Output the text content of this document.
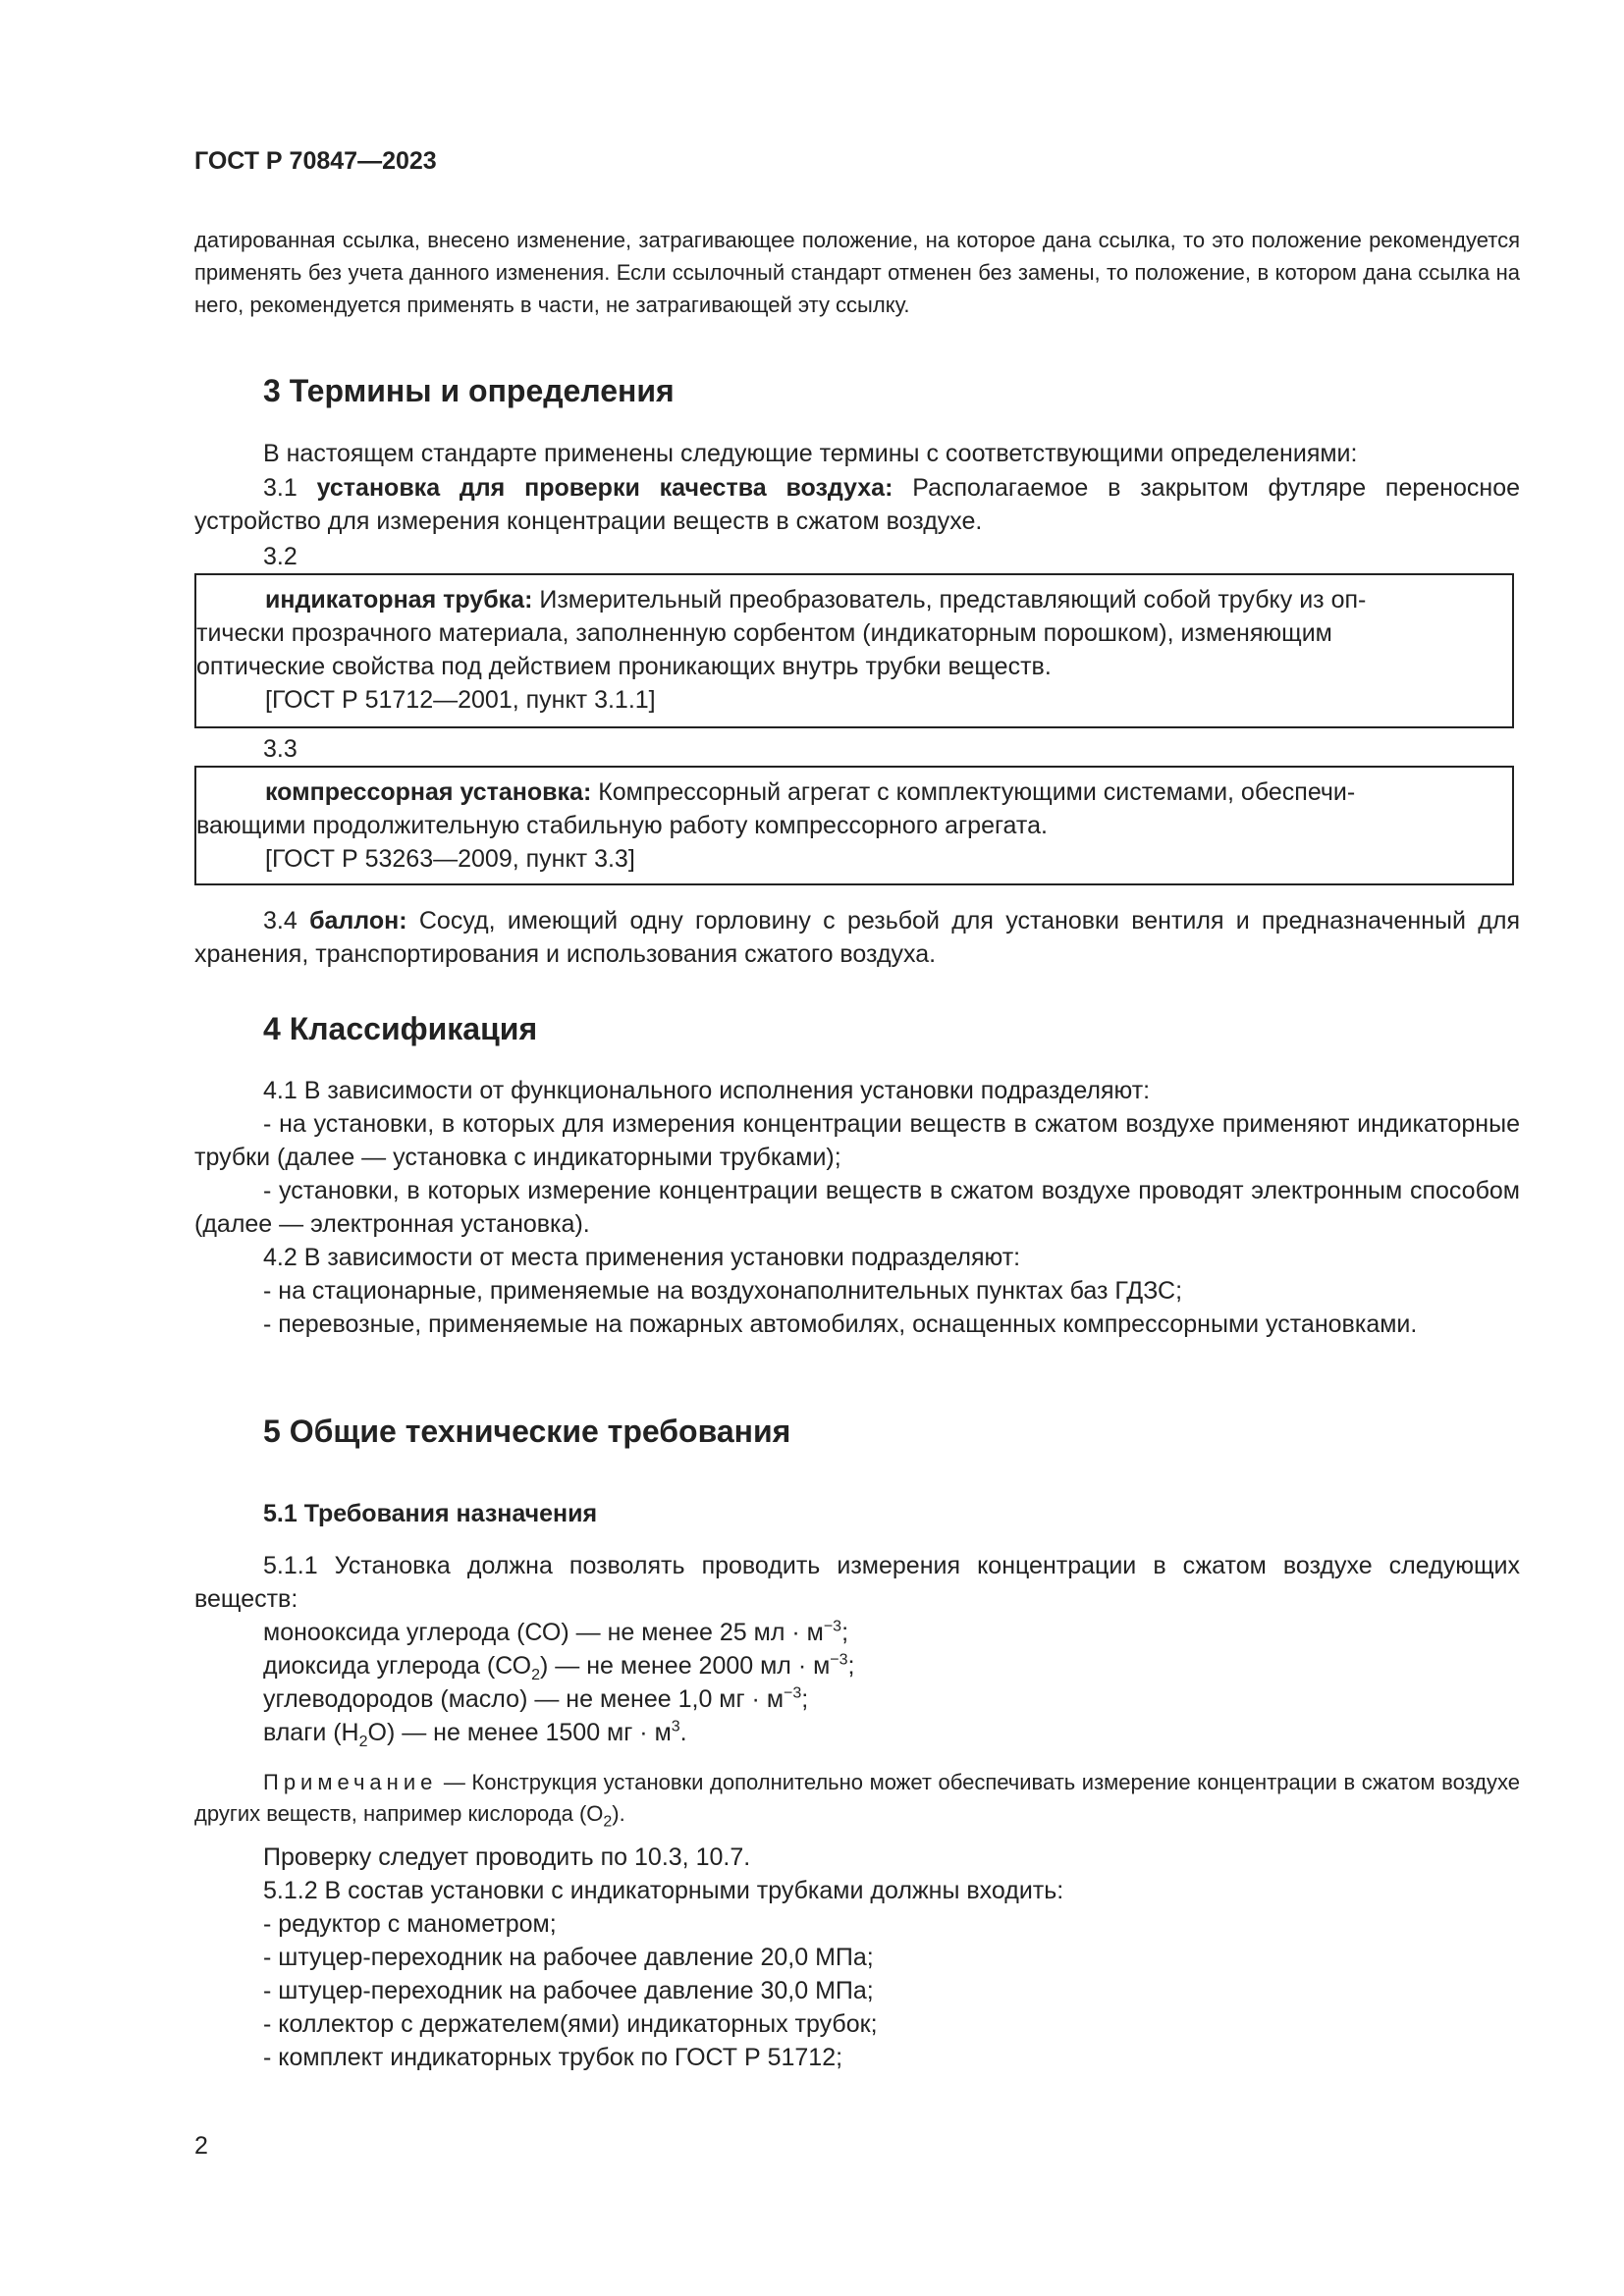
ГОСТ Р 70847—2023
датированная ссылка, внесено изменение, затрагивающее положение, на которое дана ссылка, то это положение рекомендуется применять без учета данного изменения. Если ссылочный стандарт отменен без замены, то положение, в котором дана ссылка на него, рекомендуется применять в части, не затрагивающей эту ссылку.
3 Термины и определения
В настоящем стандарте применены следующие термины с соответствующими определениями:
3.1 установка для проверки качества воздуха: Располагаемое в закрытом футляре переносное устройство для измерения концентрации веществ в сжатом воздухе.
3.2
индикаторная трубка: Измерительный преобразователь, представляющий собой трубку из оп-
тически прозрачного материала, заполненную сорбентом (индикаторным порошком), изменяющим
оптические свойства под действием проникающих внутрь трубки веществ.
[ГОСТ Р 51712—2001, пункт 3.1.1]
3.3
компрессорная установка: Компрессорный агрегат с комплектующими системами, обеспечи-
вающими продолжительную стабильную работу компрессорного агрегата.
[ГОСТ Р 53263—2009, пункт 3.3]
3.4 баллон: Сосуд, имеющий одну горловину с резьбой для установки вентиля и предназначенный для хранения, транспортирования и использования сжатого воздуха.
4 Классификация
4.1 В зависимости от функционального исполнения установки подразделяют:
- на установки, в которых для измерения концентрации веществ в сжатом воздухе применяют индикаторные трубки (далее — установка с индикаторными трубками);
- установки, в которых измерение концентрации веществ в сжатом воздухе проводят электронным способом (далее — электронная установка).
4.2 В зависимости от места применения установки подразделяют:
- на стационарные, применяемые на воздухонаполнительных пунктах баз ГДЗС;
- перевозные, применяемые на пожарных автомобилях, оснащенных компрессорными установками.
5 Общие технические требования
5.1 Требования назначения
5.1.1 Установка должна позволять проводить измерения концентрации в сжатом воздухе следующих веществ:
монооксида углерода (СО) — не менее 25 мл · $м^{-3}$;
диоксида углерода $(СО_2)$ — не менее 2000 мл · $м^{-3}$;
углеводородов (масло) — не менее 1,0 мг · $м^{-3}$;
влаги $(Н_2О)$ — не менее 1500 мг · $м^3$.
Примечание — Конструкция установки дополнительно может обеспечивать измерение концентрации в сжатом воздухе других веществ, например кислорода $(О_2)$.
Проверку следует проводить по 10.3, 10.7.
5.1.2 В состав установки с индикаторными трубками должны входить:
- редуктор с манометром;
- штуцер-переходник на рабочее давление 20,0 МПа;
- штуцер-переходник на рабочее давление 30,0 МПа;
- коллектор с держателем(ями) индикаторных трубок;
- комплект индикаторных трубок по ГОСТ Р 51712;
2
